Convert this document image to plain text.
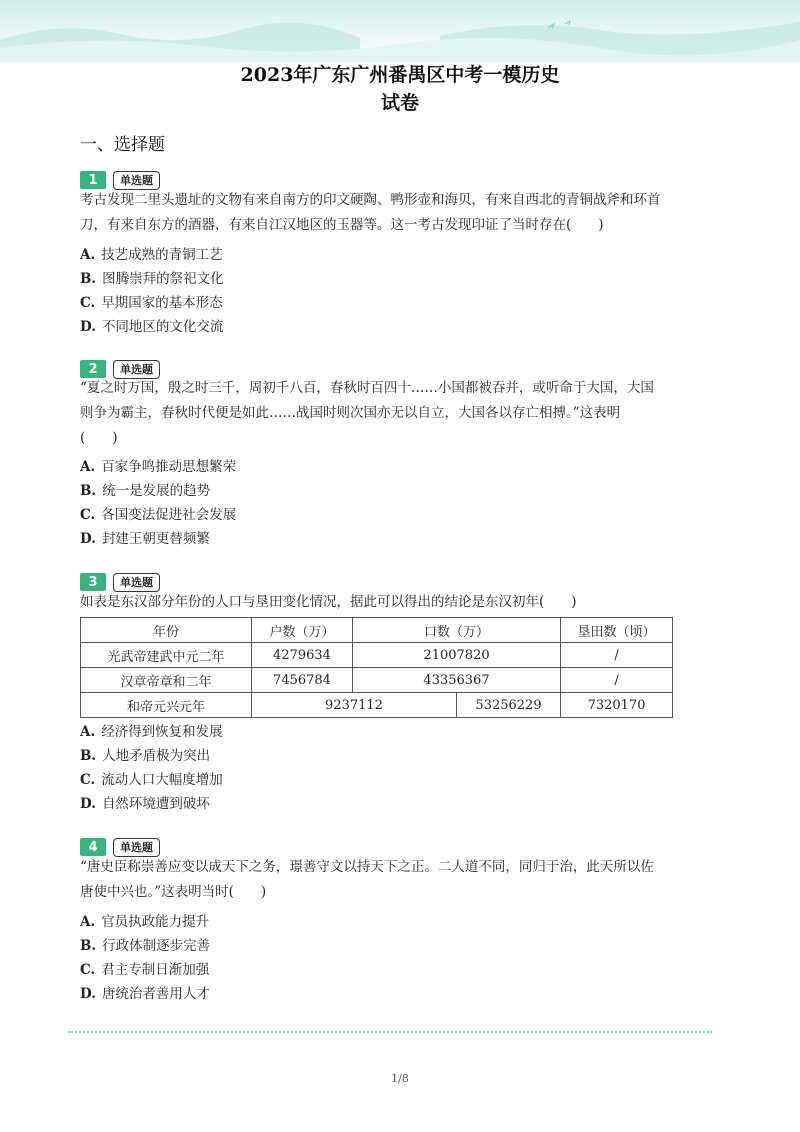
2023年广东广州番禺区中考一模历史
试卷
一、选择题
1	单选题

考古发现二里头遗址的文物有来自南方的印文硬陶、鸭形壶和海贝，有来自西北的青铜战斧和环首
刀，有来自东方的酒器，有来自江汉地区的玉器等。这一考古发现印证了当时存在(　　)

A. 技艺成熟的青铜工艺
B. 图腾崇拜的祭祀文化
C. 早期国家的基本形态
D. 不同地区的文化交流
2	单选题

“夏之时万国，殷之时三千，周初千八百，春秋时百四十……小国都被吞并，或听命于大国，大国
则争为霸主，春秋时代便是如此……战国时则次国亦无以自立，大国各以存亡相搏。”这表明
(　　)

A. 百家争鸣推动思想繁荣
B. 统一是发展的趋势
C. 各国变法促进社会发展
D. 封建王朝更替频繁
3	单选题

如表是东汉部分年份的人口与垦田变化情况，据此可以得出的结论是东汉初年(　　)

年份	户数（万）	口数（万）		垦田数（顷）
光武帝建武中元二年	4279634	21007820		/
汉章帝章和二年	7456784	43356367		/
和帝元兴元年	9237112		53256229	7320170
A. 经济得到恢复和发展
B. 人地矛盾极为突出
C. 流动人口大幅度增加
D. 自然环境遭到破坏
4	单选题

“唐史臣称崇善应变以成天下之务，璟善守文以持天下之正。二人道不同，同归于治，此天所以佐
唐使中兴也。”这表明当时(　　)

A. 官员执政能力提升
B. 行政体制逐步完善
C. 君主专制日渐加强
D. 唐统治者善用人才
1/8
